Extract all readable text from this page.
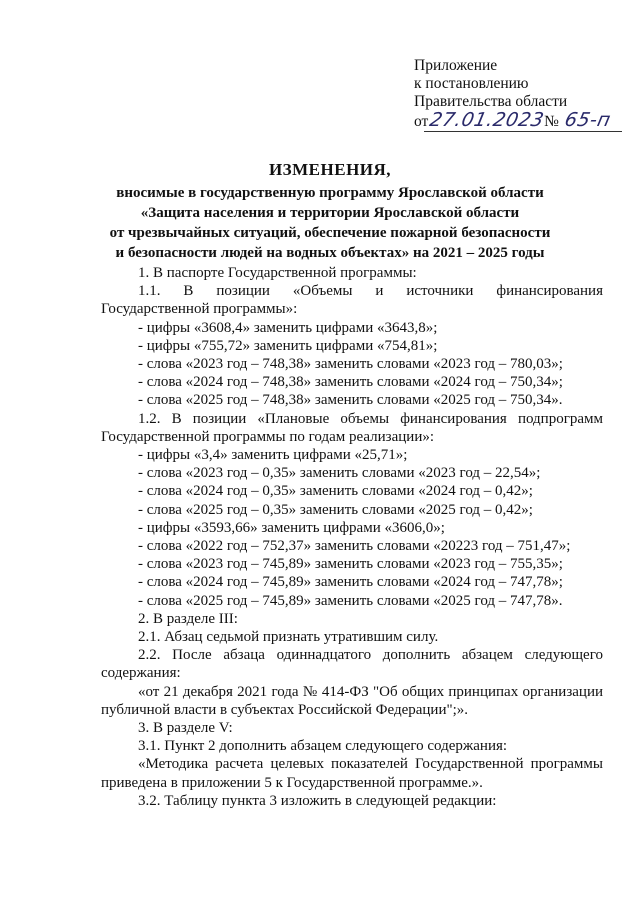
Приложение
к постановлению
Правительства области
от27.01.2023№ 65-п
ИЗМЕНЕНИЯ,
вносимые в государственную программу Ярославской области
«Защита населения и территории Ярославской области
от чрезвычайных ситуаций, обеспечение пожарной безопасности
и безопасности людей на водных объектах» на 2021 – 2025 годы
1. В паспорте Государственной программы:
1.1. В позиции «Объемы и источники финансирования
Государственной программы»:
- цифры «3608,4» заменить цифрами «3643,8»;
- цифры «755,72» заменить цифрами «754,81»;
- слова «2023 год – 748,38» заменить словами «2023 год – 780,03»;
- слова «2024 год – 748,38» заменить словами «2024 год – 750,34»;
- слова «2025 год – 748,38» заменить словами «2025 год – 750,34».
1.2. В позиции «Плановые объемы финансирования подпрограмм
Государственной программы по годам реализации»:
- цифры «3,4» заменить цифрами «25,71»;
- слова «2023 год – 0,35» заменить словами «2023 год – 22,54»;
- слова «2024 год – 0,35» заменить словами «2024 год – 0,42»;
- слова «2025 год – 0,35» заменить словами «2025 год – 0,42»;
- цифры «3593,66» заменить цифрами «3606,0»;
- слова «2022 год – 752,37» заменить словами «20223 год – 751,47»;
- слова «2023 год – 745,89» заменить словами «2023 год – 755,35»;
- слова «2024 год – 745,89» заменить словами «2024 год – 747,78»;
- слова «2025 год – 745,89» заменить словами «2025 год – 747,78».
2. В разделе III:
2.1. Абзац седьмой признать утратившим силу.
2.2. После абзаца одиннадцатого дополнить абзацем следующего
содержания:
«от 21 декабря 2021 года № 414-ФЗ "Об общих принципах организации
публичной власти в субъектах Российской Федерации";».
3. В разделе V:
3.1. Пункт 2 дополнить абзацем следующего содержания:
«Методика расчета целевых показателей Государственной программы
приведена в приложении 5 к Государственной программе.».
3.2. Таблицу пункта 3 изложить в следующей редакции:
